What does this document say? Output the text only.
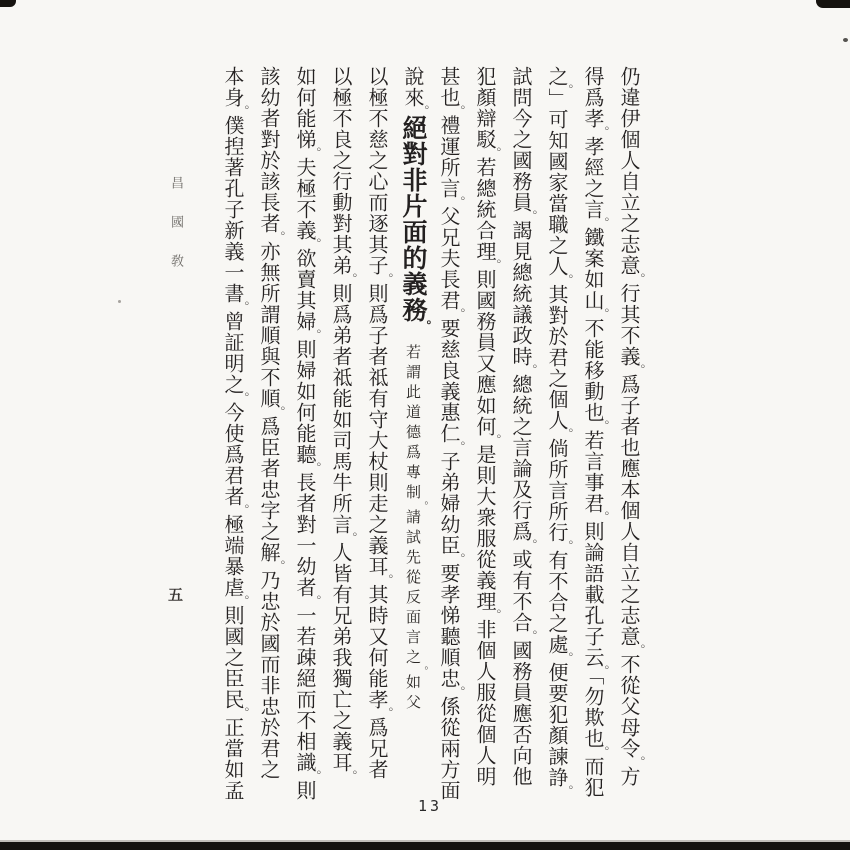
仍違伊個人自立之志意。行其不義。爲子者也應本個人自立之志意。不從父母令。方
得爲孝。孝經之言。鐵案如山。不能移動也。若言事君。則論語載孔子云。「勿欺也。而犯
之。」可知國家當職之人。其對於君之個人。倘所言所行。有不合之處。便要犯顏諫諍。
試問今之國務員。謁見總統議政時。總統之言論及行爲。或有不合。國務員應否向他
犯顏辯駁。若總統合理。則國務員又應如何。是則大衆服從義理。非個人服從個人明
甚也。禮運所言。父兄夫長君。要慈良義惠仁。子弟婦幼臣。要孝悌聽順忠。係從兩方面
說來。絕對非片面的義務。若謂此道德爲專制。請試先從反面言之。如父
以極不慈之心而逐其子。則爲子者祗有守大杖則走之義耳。其時又何能孝。爲兄者
以極不良之行動對其弟。則爲弟者祗能如司馬牛所言。人皆有兄弟我獨亡之義耳。
如何能悌。夫極不義。欲賣其婦。則婦如何能聽。長者對一幼者。一若疎絕而不相識。則
該幼者對於該長者。亦無所謂順與不順。爲臣者忠字之解。乃忠於國而非忠於君之
本身。僕揑著孔子新義一書。曾証明之。今使爲君者。極端暴虐。則國之臣民。正當如孟
昌國敎
五
13
